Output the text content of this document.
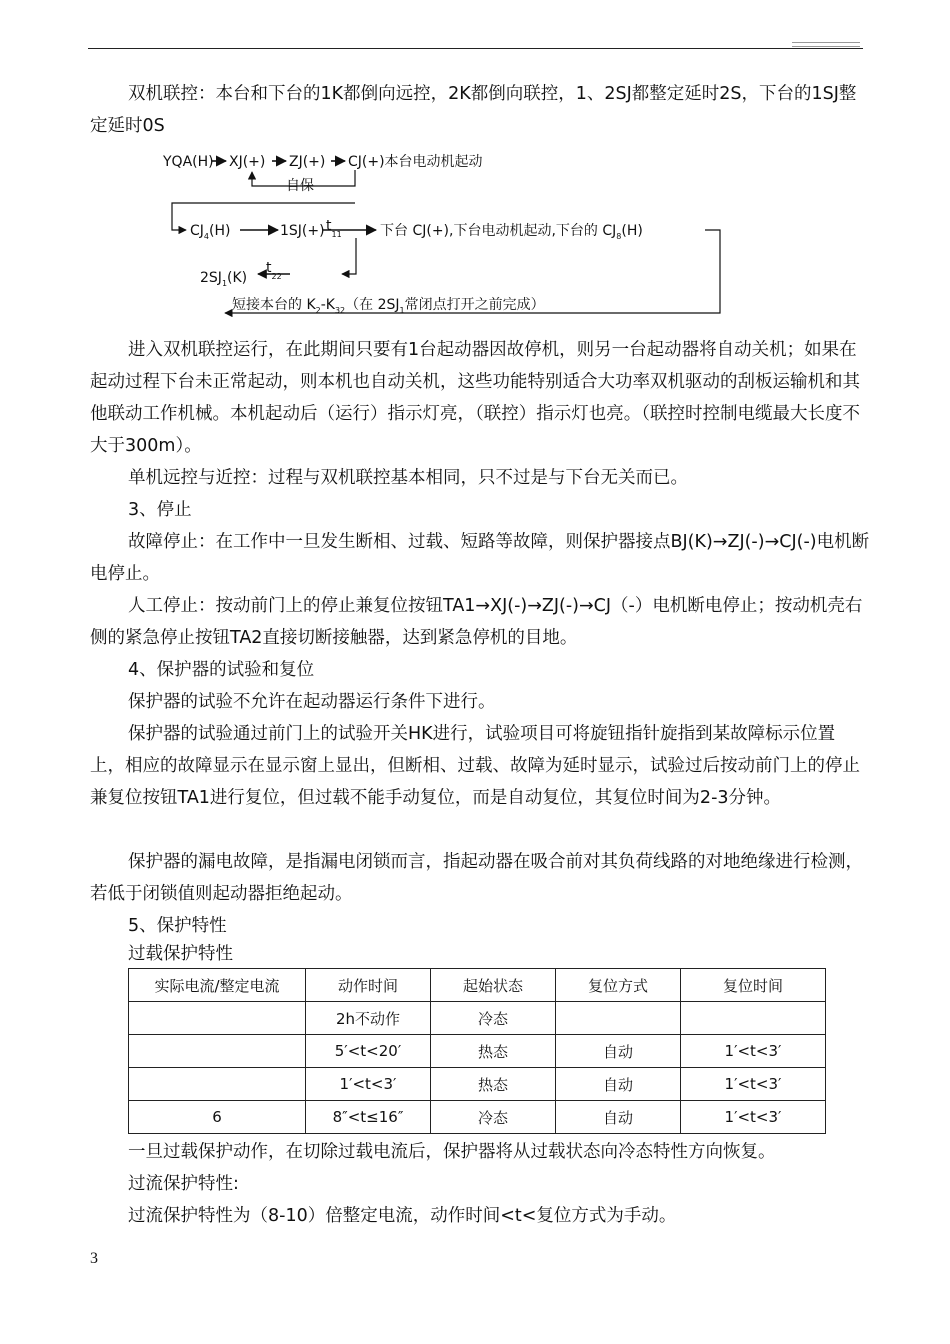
双机联控：本台和下台的1K都倒向远控，2K都倒向联控，1、2SJ都整定延时2S，下台的1SJ整定延时0S

YQA(H) XJ(+) ZJ(+) CJ(+)本台电动机起动
自保
$CJ_4(H)$	1SJ(+) $t_{11}$	下台 CJ(+),下台电动机起动,下台的 $CJ_8(H)$
$2SJ_1(K)$
$t_{22}$
短接本台的 $K_2-K_{32}$（在 $2SJ_1$常闭点打开之前完成）

进入双机联控运行，在此期间只要有1台起动器因故停机，则另一台起动器将自动关机；如果在起动过程下台未正常起动，则本机也自动关机，这些功能特别适合大功率双机驱动的刮板运输机和其他联动工作机械。本机起动后（运行）指示灯亮，（联控）指示灯也亮。（联控时控制电缆最大长度不大于300m）。

单机远控与近控：过程与双机联控基本相同，只不过是与下台无关而已。

3、停止

故障停止：在工作中一旦发生断相、过载、短路等故障，则保护器接点BJ(K)→ZJ(-)→CJ(-)电机断电停止。

人工停止：按动前门上的停止兼复位按钮TA1→XJ(-)→ZJ(-)→CJ（-）电机断电停止；按动机壳右侧的紧急停止按钮TA2直接切断接触器，达到紧急停机的目地。

4、保护器的试验和复位

保护器的试验不允许在起动器运行条件下进行。

保护器的试验通过前门上的试验开关HK进行，试验项目可将旋钮指针旋指到某故障标示位置上，相应的故障显示在显示窗上显出，但断相、过载、故障为延时显示，试验过后按动前门上的停止兼复位按钮TA1进行复位，但过载不能手动复位，而是自动复位，其复位时间为2-3分钟。

保护器的漏电故障，是指漏电闭锁而言，指起动器在吸合前对其负荷线路的对地绝缘进行检测，若低于闭锁值则起动器拒绝起动。

5、保护特性
过载保护特性
实际电流/整定电流	动作时间	起始状态	复位方式	复位时间
	2h不动作	冷态		
	5′<t<20′	热态	自动	1′<t<3′
	1′<t<3′	热态	自动	1′<t<3′
6	8″<t≤16″	冷态	自动	1′<t<3′
一旦过载保护动作，在切除过载电流后，保护器将从过载状态向冷态特性方向恢复。
过流保护特性:
过流保护特性为（8-10）倍整定电流，动作时间<t<复位方式为手动。
3
